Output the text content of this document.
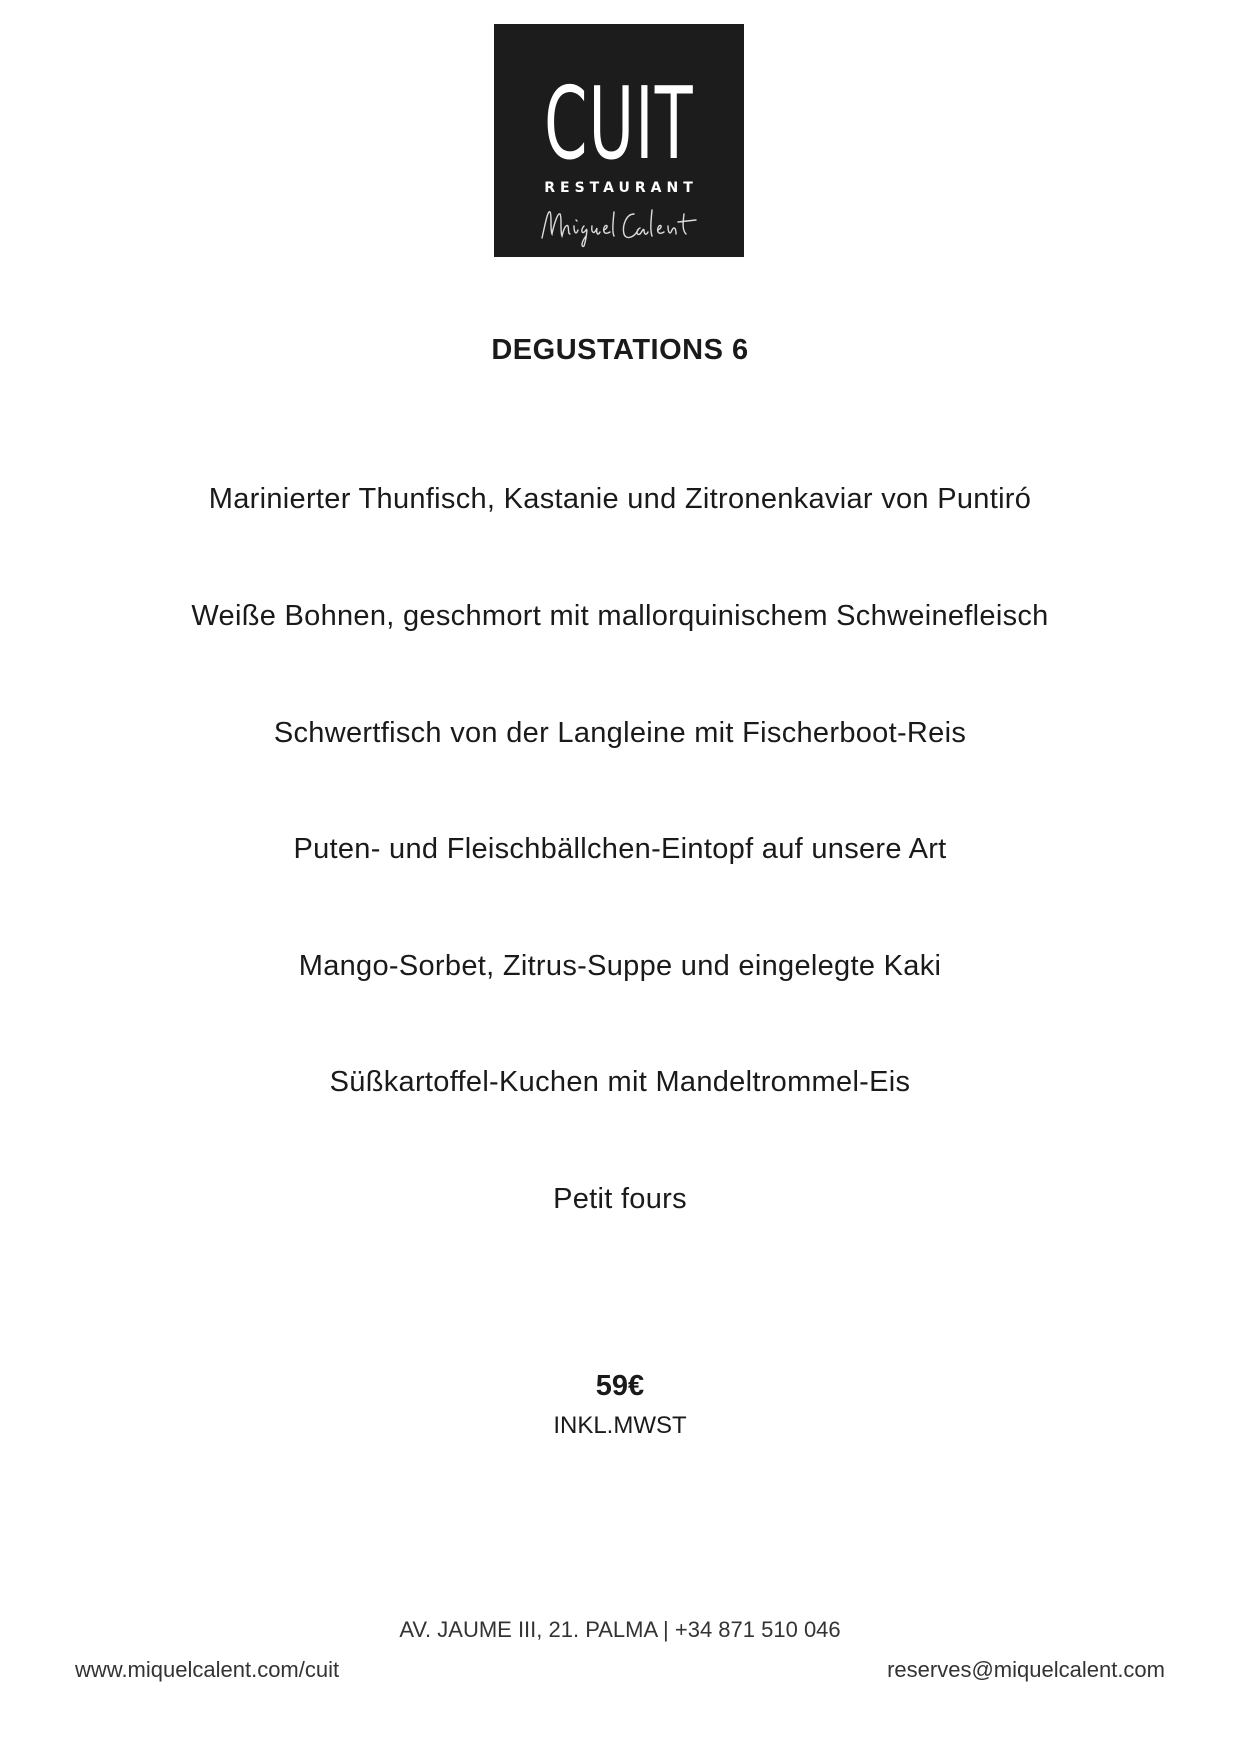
CUIT
RESTAURANT
DEGUSTATIONS 6
Marinierter Thunfisch, Kastanie und Zitronenkaviar von Puntiró
Weiße Bohnen, geschmort mit mallorquinischem Schweinefleisch
Schwertfisch von der Langleine mit Fischerboot-Reis
Puten- und Fleischbällchen-Eintopf auf unsere Art
Mango-Sorbet, Zitrus-Suppe und eingelegte Kaki
Süßkartoffel-Kuchen mit Mandeltrommel-Eis
Petit fours
59€
INKL.MWST
AV. JAUME III, 21. PALMA | +34 871 510 046
www.miquelcalent.com/cuit	reserves@miquelcalent.com
